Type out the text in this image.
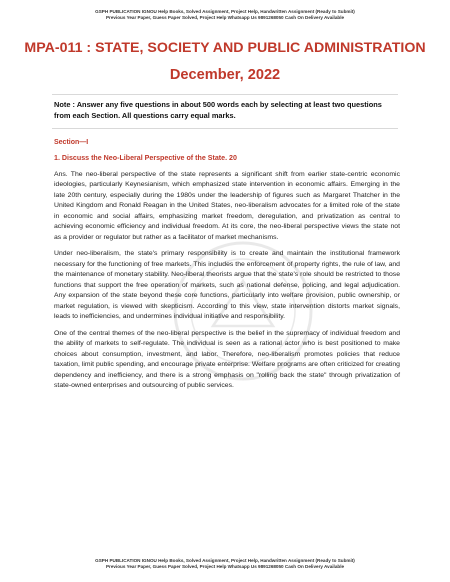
GSPH PUBLICATION IGNOU Help Books, Solved Assignment, Project Help, Handwritten Assignment (Ready to Submit)
Previous Year Paper, Guess Paper Solved, Project Help Whatsapp Us 9891268050 Cash On Delivery Available
MPA-011 : STATE, SOCIETY AND PUBLIC ADMINISTRATION
December, 2022
Note : Answer any five questions in about 500 words each by selecting at least two questions from each Section. All questions carry equal marks.
Section—I
1. Discuss the Neo-Liberal Perspective of the State. 20
Ans. The neo-liberal perspective of the state represents a significant shift from earlier state-centric economic ideologies, particularly Keynesianism, which emphasized state intervention in economic affairs. Emerging in the late 20th century, especially during the 1980s under the leadership of figures such as Margaret Thatcher in the United Kingdom and Ronald Reagan in the United States, neo-liberalism advocates for a limited role of the state in economic and social affairs, emphasizing market freedom, deregulation, and privatization as central to achieving economic efficiency and individual freedom. At its core, the neo-liberal perspective views the state not as a provider or regulator but rather as a facilitator of market mechanisms.
Under neo-liberalism, the state's primary responsibility is to create and maintain the institutional framework necessary for the functioning of free markets. This includes the enforcement of property rights, the rule of law, and the maintenance of monetary stability. Neo-liberal theorists argue that the state's role should be restricted to those functions that support the free operation of markets, such as national defense, policing, and legal adjudication. Any expansion of the state beyond these core functions, particularly into welfare provision, public ownership, or market regulation, is viewed with skepticism. According to this view, state intervention distorts market signals, leads to inefficiencies, and undermines individual initiative and responsibility.
One of the central themes of the neo-liberal perspective is the belief in the supremacy of individual freedom and the ability of markets to self-regulate. The individual is seen as a rational actor who is best positioned to make choices about consumption, investment, and labor. Therefore, neo-liberalism promotes policies that reduce taxation, limit public spending, and encourage private enterprise. Welfare programs are often criticized for creating dependency and inefficiency, and there is a strong emphasis on "rolling back the state" through privatization of state-owned enterprises and outsourcing of public services.
GSPH PUBLICATION IGNOU Help Books, Solved Assignment, Project Help, Handwritten Assignment (Ready to Submit)
Previous Year Paper, Guess Paper Solved, Project Help Whatsapp Us 9891268050 Cash On Delivery Available
